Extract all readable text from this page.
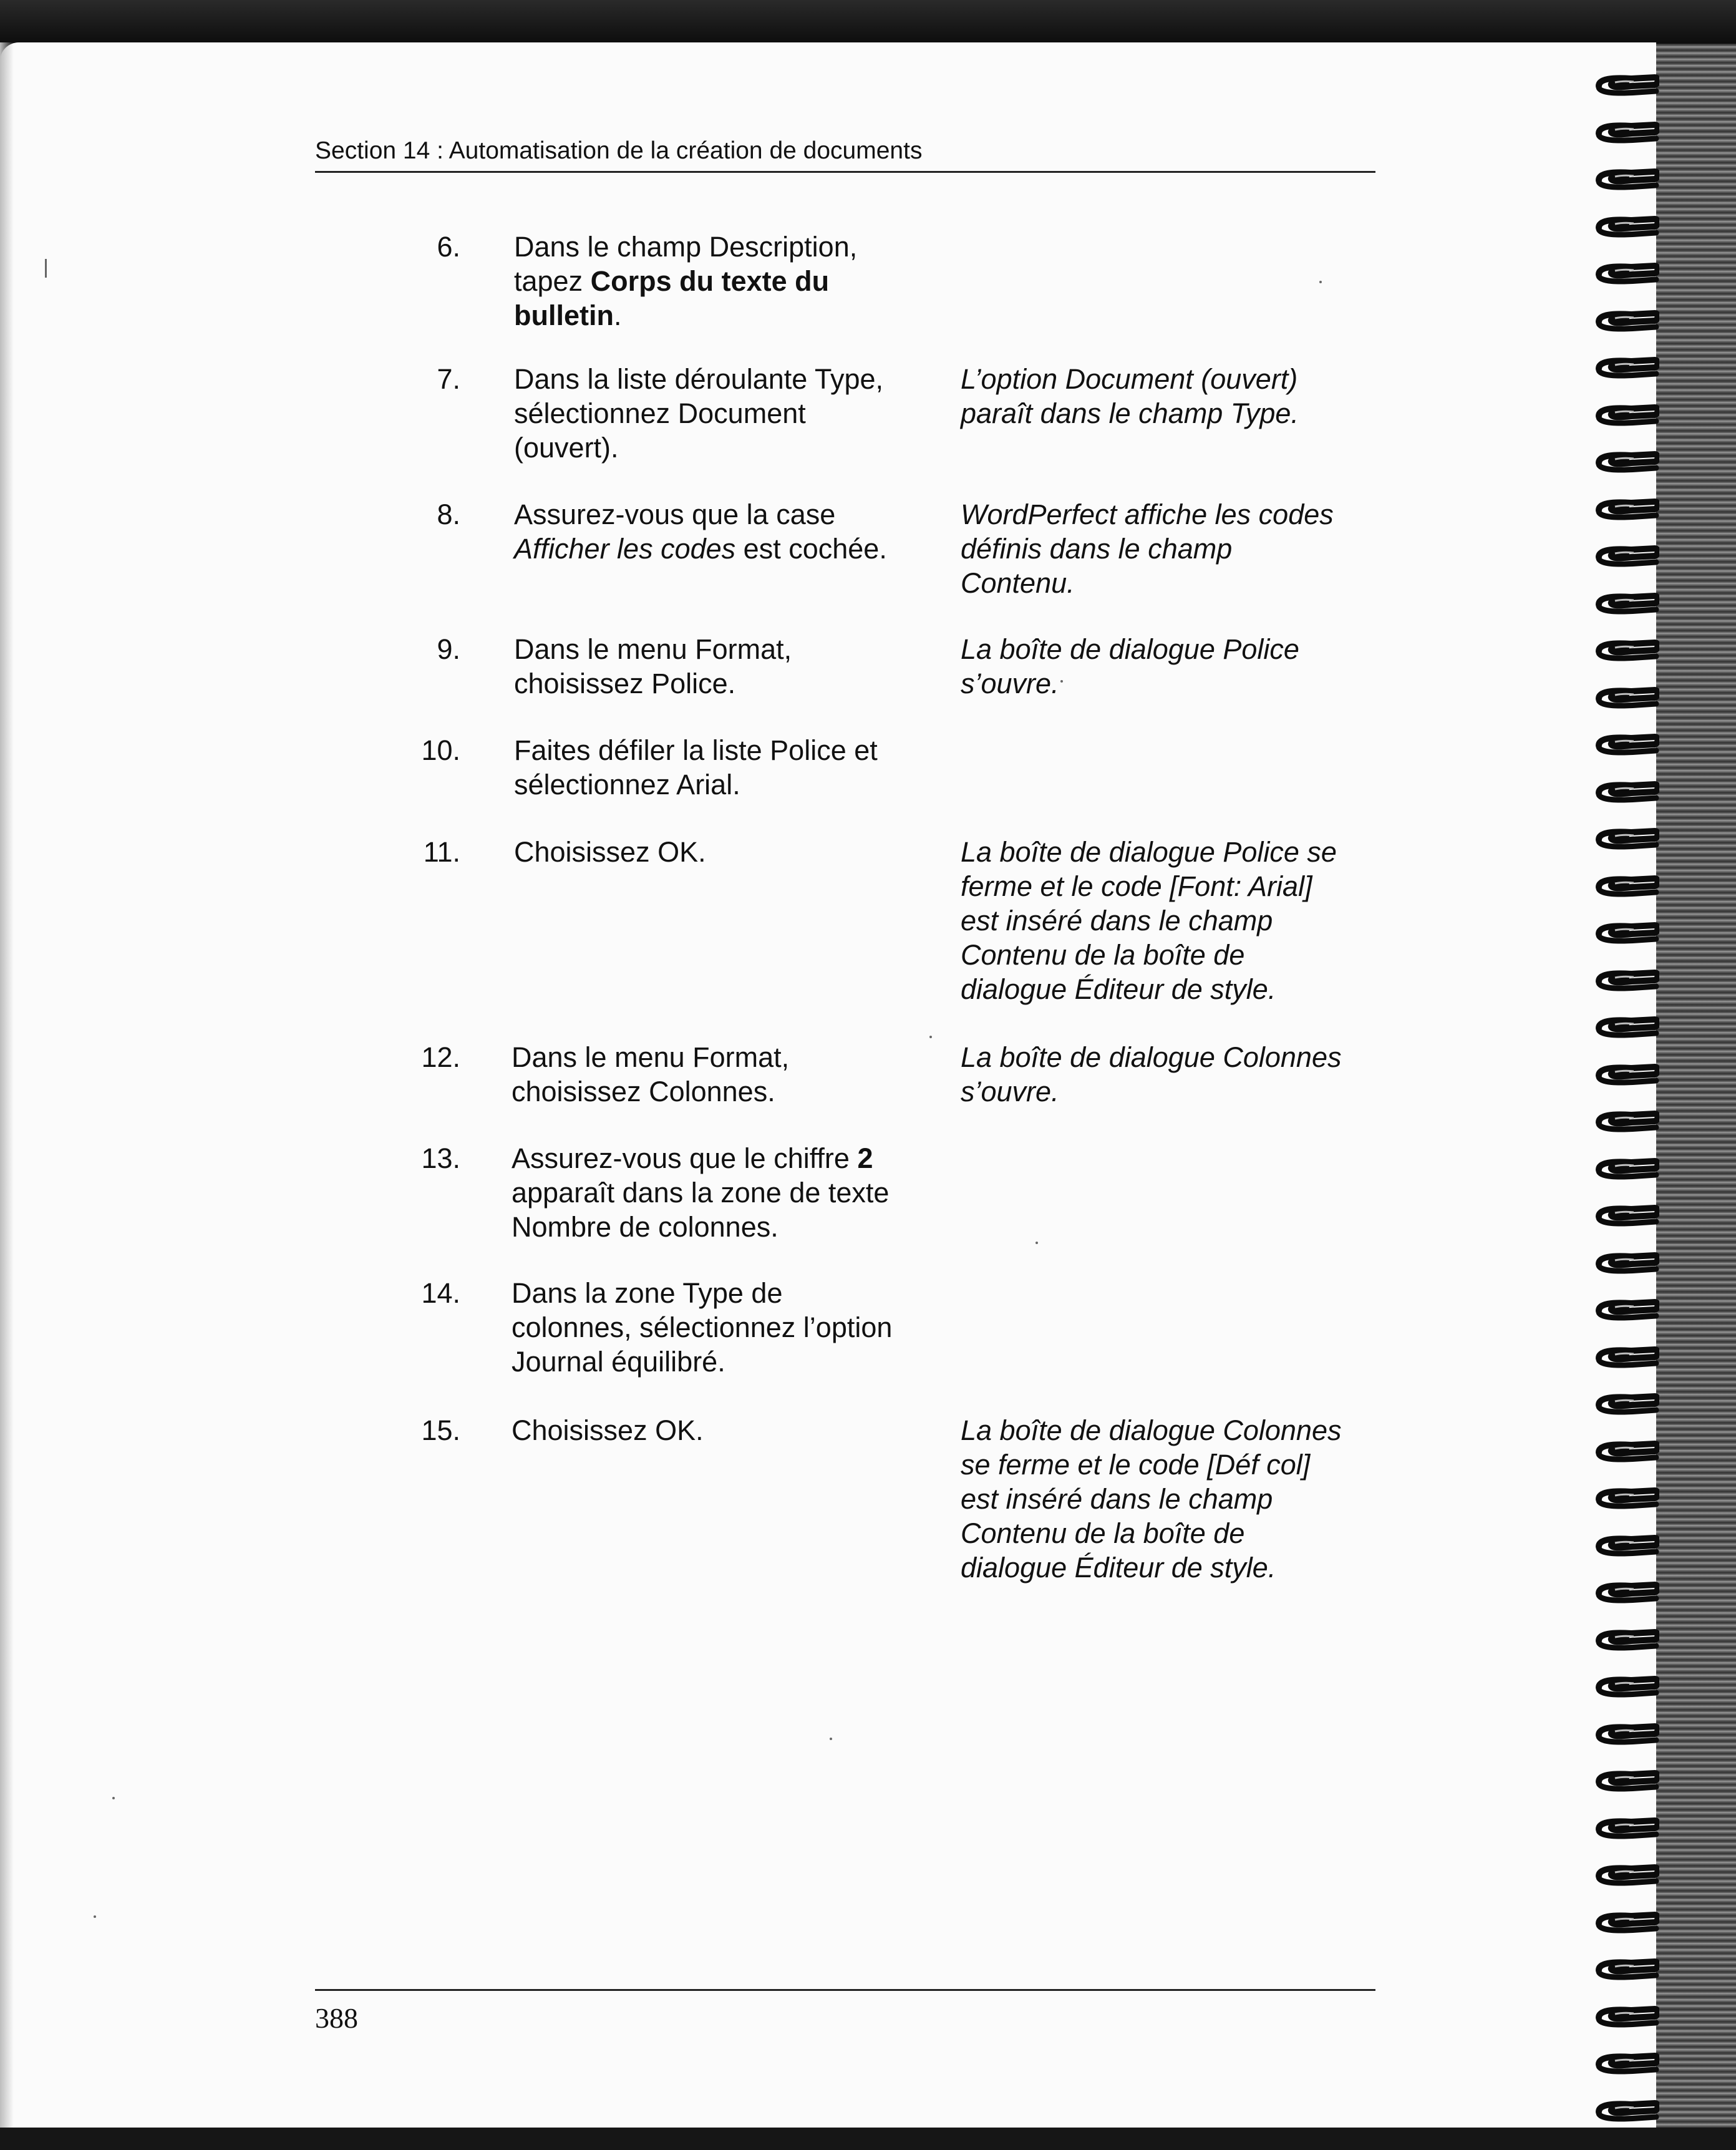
Section 14 : Automatisation de la création de documents
6. Dans le champ Description,
tapez Corps du texte du
bulletin.
7. Dans la liste déroulante Type,
sélectionnez Document
(ouvert).
L’option Document (ouvert)
paraît dans le champ Type.
8. Assurez-vous que la case
Afficher les codes est cochée.
WordPerfect affiche les codes
définis dans le champ
Contenu.
9. Dans le menu Format,
choisissez Police.
La boîte de dialogue Police
s’ouvre.
10. Faites défiler la liste Police et
sélectionnez Arial.
11. Choisissez OK.	La boîte de dialogue Police se
ferme et le code [Font: Arial]
est inséré dans le champ
Contenu de la boîte de
dialogue Éditeur de style.
12. Dans le menu Format,
choisissez Colonnes.
La boîte de dialogue Colonnes
s’ouvre.
13. Assurez-vous que le chiffre 2
apparaît dans la zone de texte
Nombre de colonnes.
14. Dans la zone Type de
colonnes, sélectionnez l’option
Journal équilibré.
15. Choisissez OK.	La boîte de dialogue Colonnes
se ferme et le code [Déf col]
est inséré dans le champ
Contenu de la boîte de
dialogue Éditeur de style.
388
